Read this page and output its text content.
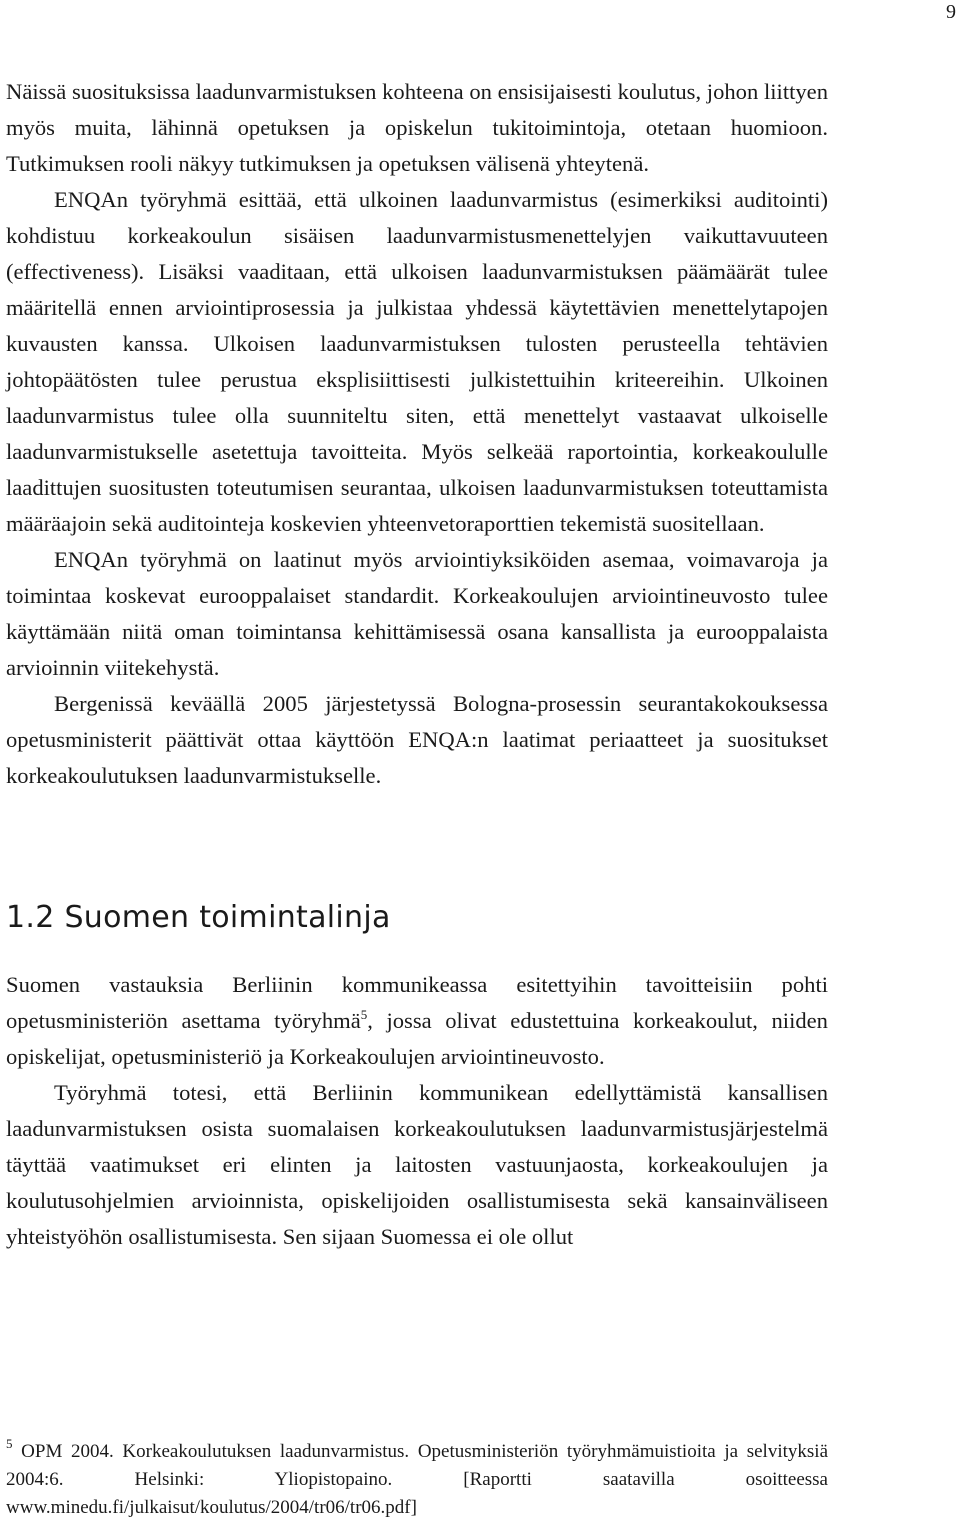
9

Näissä suosituksissa laadunvarmistuksen kohteena on ensisijaisesti koulutus, johon liittyen myös muita, lähinnä opetuksen ja opiskelun tukitoimintoja, otetaan huomioon. Tutkimuksen rooli näkyy tutkimuksen ja opetuksen välisenä yhteytenä.

ENQAn työryhmä esittää, että ulkoinen laadunvarmistus (esimerkiksi auditointi) kohdistuu korkeakoulun sisäisen laadunvarmistusmenettelyjen vaikuttavuuteen (effectiveness). Lisäksi vaaditaan, että ulkoisen laadunvarmistuksen päämäärät tulee määritellä ennen arviointiprosessia ja julkistaa yhdessä käytettävien menettelytapojen kuvausten kanssa. Ulkoisen laadunvarmistuksen tulosten perusteella tehtävien johtopäätösten tulee perustua eksplisiittisesti julkistettuihin kriteereihin. Ulkoinen laadunvarmistus tulee olla suunniteltu siten, että menettelyt vastaavat ulkoiselle laadunvarmistukselle asetettuja tavoitteita. Myös selkeää raportointia, korkeakoululle laadittujen suositusten toteutumisen seurantaa, ulkoisen laadunvarmistuksen toteuttamista määräajoin sekä auditointeja koskevien yhteenvetoraporttien tekemistä suositellaan.

ENQAn työryhmä on laatinut myös arviointiyksiköiden asemaa, voimavaroja ja toimintaa koskevat eurooppalaiset standardit. Korkeakoulujen arviointineuvosto tulee käyttämään niitä oman toimintansa kehittämisessä osana kansallista ja eurooppalaista arvioinnin viitekehystä.

Bergenissä keväällä 2005 järjestetyssä Bologna-prosessin seurantakokouksessa opetusministerit päättivät ottaa käyttöön ENQA:n laatimat periaatteet ja suositukset korkeakoulutuksen laadunvarmistukselle.

1.2 Suomen toimintalinja

Suomen vastauksia Berliinin kommunikeassa esitettyihin tavoitteisiin pohti opetusministeriön asettama työryhmä$^5$, jossa olivat edustettuina korkeakoulut, niiden opiskelijat, opetusministeriö ja Korkeakoulujen arviointineuvosto.

Työryhmä totesi, että Berliinin kommunikean edellyttämistä kansallisen laadunvarmistuksen osista suomalaisen korkeakoulutuksen laadunvarmistusjärjestelmä täyttää vaatimukset eri elinten ja laitosten vastuunjaosta, korkeakoulujen ja koulutusohjelmien arvioinnista, opiskelijoiden osallistumisesta sekä kansainväliseen yhteistyöhön osallistumisesta. Sen sijaan Suomessa ei ole ollut

$^5$ OPM 2004. Korkeakoulutuksen laadunvarmistus. Opetusministeriön työryhmämuistioita ja selvityksiä 2004:6. Helsinki: Yliopistopaino. [Raportti saatavilla osoitteessa www.minedu.fi/julkaisut/koulutus/2004/tr06/tr06.pdf]
